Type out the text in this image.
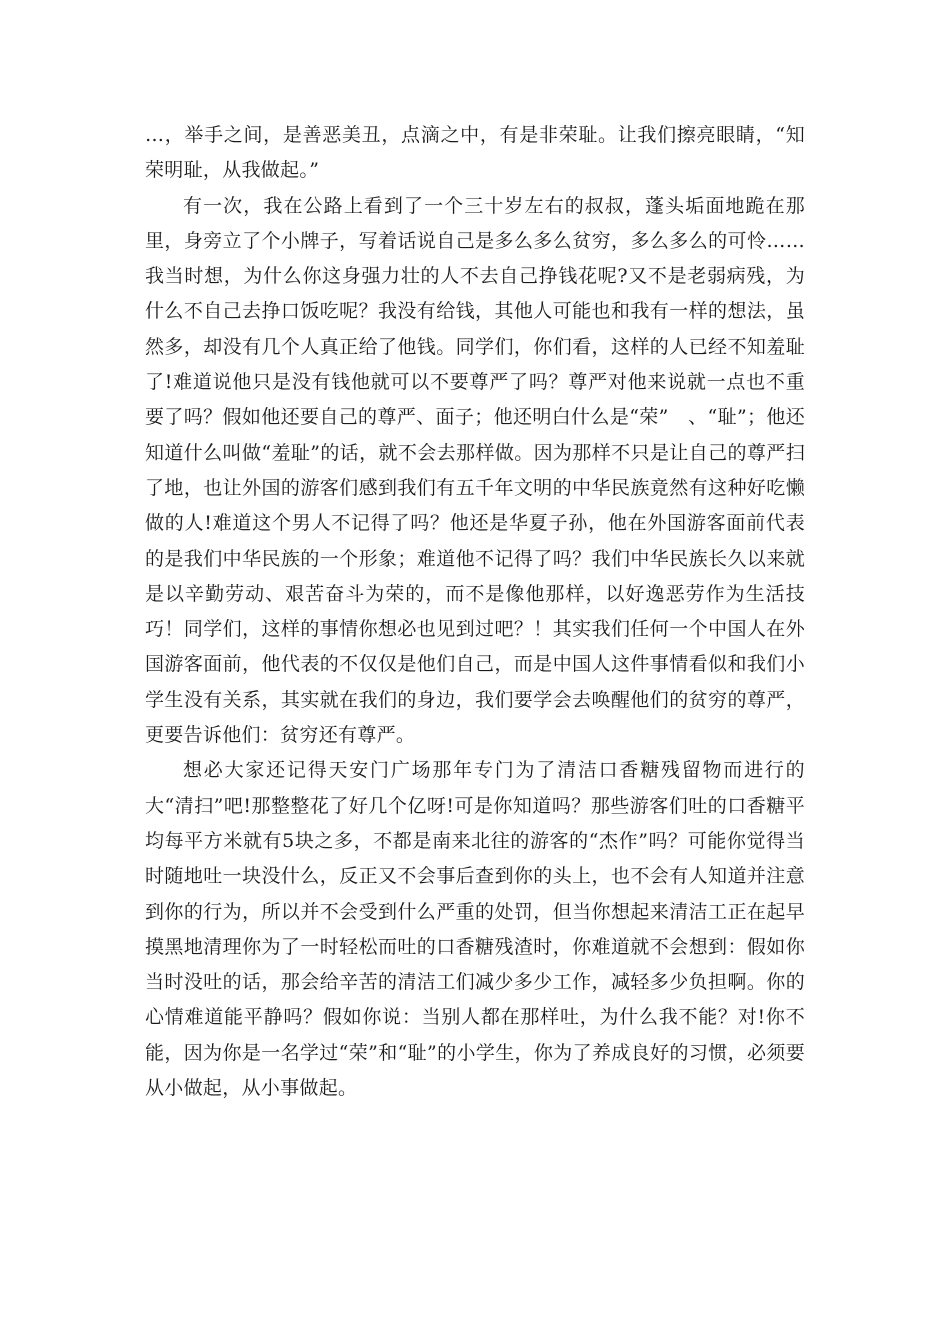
…，举手之间，是善恶美丑，点滴之中，有是非荣耻。让我们擦亮眼睛，“知荣明耻，从我做起。”

有一次，我在公路上看到了一个三十岁左右的叔叔，蓬头垢面地跪在那里，身旁立了个小牌子，写着话说自己是多么多么贫穷，多么多么的可怜……我当时想，为什么你这身强力壮的人不去自己挣钱花呢?又不是老弱病残，为什么不自己去挣口饭吃呢？我没有给钱，其他人可能也和我有一样的想法，虽然多，却没有几个人真正给了他钱。同学们，你们看，这样的人已经不知羞耻了!难道说他只是没有钱他就可以不要尊严了吗？尊严对他来说就一点也不重要了吗？假如他还要自己的尊严、面子；他还明白什么是“荣”　、“耻”；他还知道什么叫做“羞耻”的话，就不会去那样做。因为那样不只是让自己的尊严扫了地，也让外国的游客们感到我们有五千年文明的中华民族竟然有这种好吃懒做的人!难道这个男人不记得了吗？他还是华夏子孙，他在外国游客面前代表的是我们中华民族的一个形象；难道他不记得了吗？我们中华民族长久以来就是以辛勤劳动、艰苦奋斗为荣的，而不是像他那样，以好逸恶劳作为生活技巧！同学们，这样的事情你想必也见到过吧？！其实我们任何一个中国人在外国游客面前，他代表的不仅仅是他们自己，而是中国人这件事情看似和我们小学生没有关系，其实就在我们的身边，我们要学会去唤醒他们的贫穷的尊严，更要告诉他们：贫穷还有尊严。

想必大家还记得天安门广场那年专门为了清洁口香糖残留物而进行的大“清扫”吧!那整整花了好几个亿呀!可是你知道吗？那些游客们吐的口香糖平均每平方米就有5块之多，不都是南来北往的游客的“杰作”吗？可能你觉得当时随地吐一块没什么，反正又不会事后查到你的头上，也不会有人知道并注意到你的行为，所以并不会受到什么严重的处罚，但当你想起来清洁工正在起早摸黑地清理你为了一时轻松而吐的口香糖残渣时，你难道就不会想到：假如你当时没吐的话，那会给辛苦的清洁工们减少多少工作，减轻多少负担啊。你的心情难道能平静吗？假如你说：当别人都在那样吐，为什么我不能？对!你不能，因为你是一名学过“荣”和“耻”的小学生，你为了养成良好的习惯，必须要从小做起，从小事做起。
